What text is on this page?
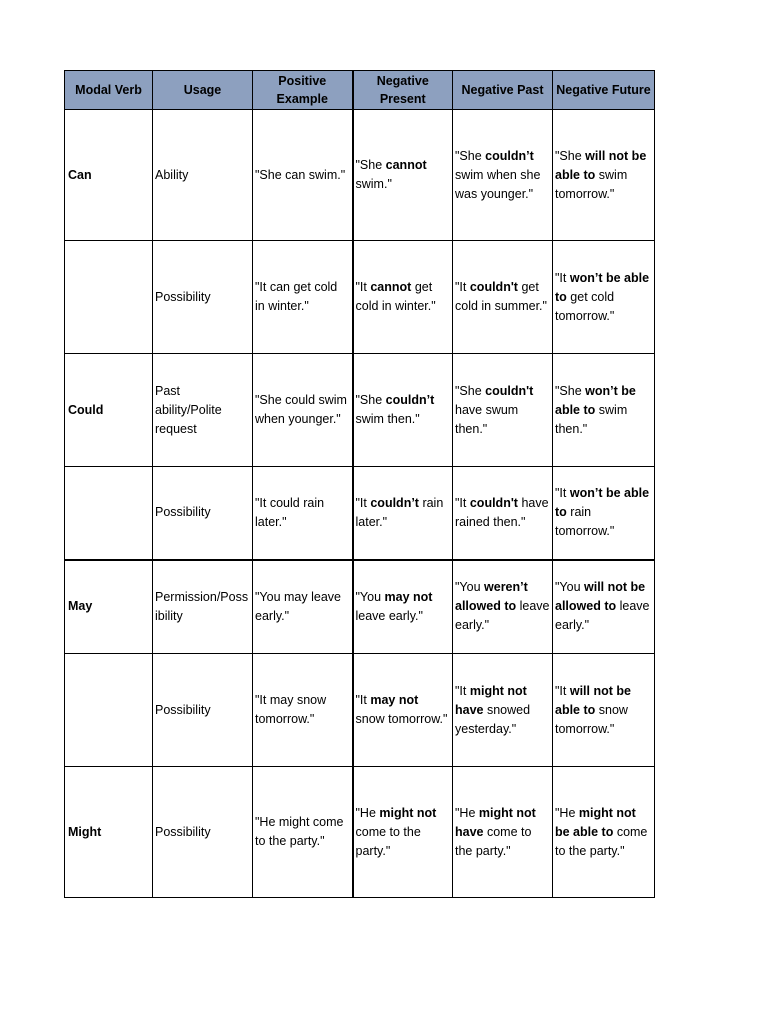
Modal Verb	Usage	Positive Example	Negative Present	Negative Past	Negative Future
Can	Ability	"She can swim."	"She cannot swim."	"She couldn’t swim when she was younger."	"She will not be able to swim tomorrow."
	Possibility	"It can get cold in winter."	"It cannot get cold in winter."	"It couldn't get cold in summer."	"It won’t be able to get cold tomorrow."
Could	Past ability/Polite request	"She could swim when younger."	"She couldn’t swim then."	"She couldn't have swum then."	"She won’t be able to swim then."
	Possibility	"It could rain later."	"It couldn’t rain later."	"It couldn't have rained then."	"It won’t be able to rain tomorrow."
May	Permission/Possibility	"You may leave early."	"You may not leave early."	"You weren’t allowed to leave early."	"You will not be allowed to leave early."
	Possibility	"It may snow tomorrow."	"It may not snow tomorrow."	"It might not have snowed yesterday."	"It will not be able to snow tomorrow."
Might	Possibility	"He might come to the party."	"He might not come to the party."	"He might not have come to the party."	"He might not be able to come to the party."
